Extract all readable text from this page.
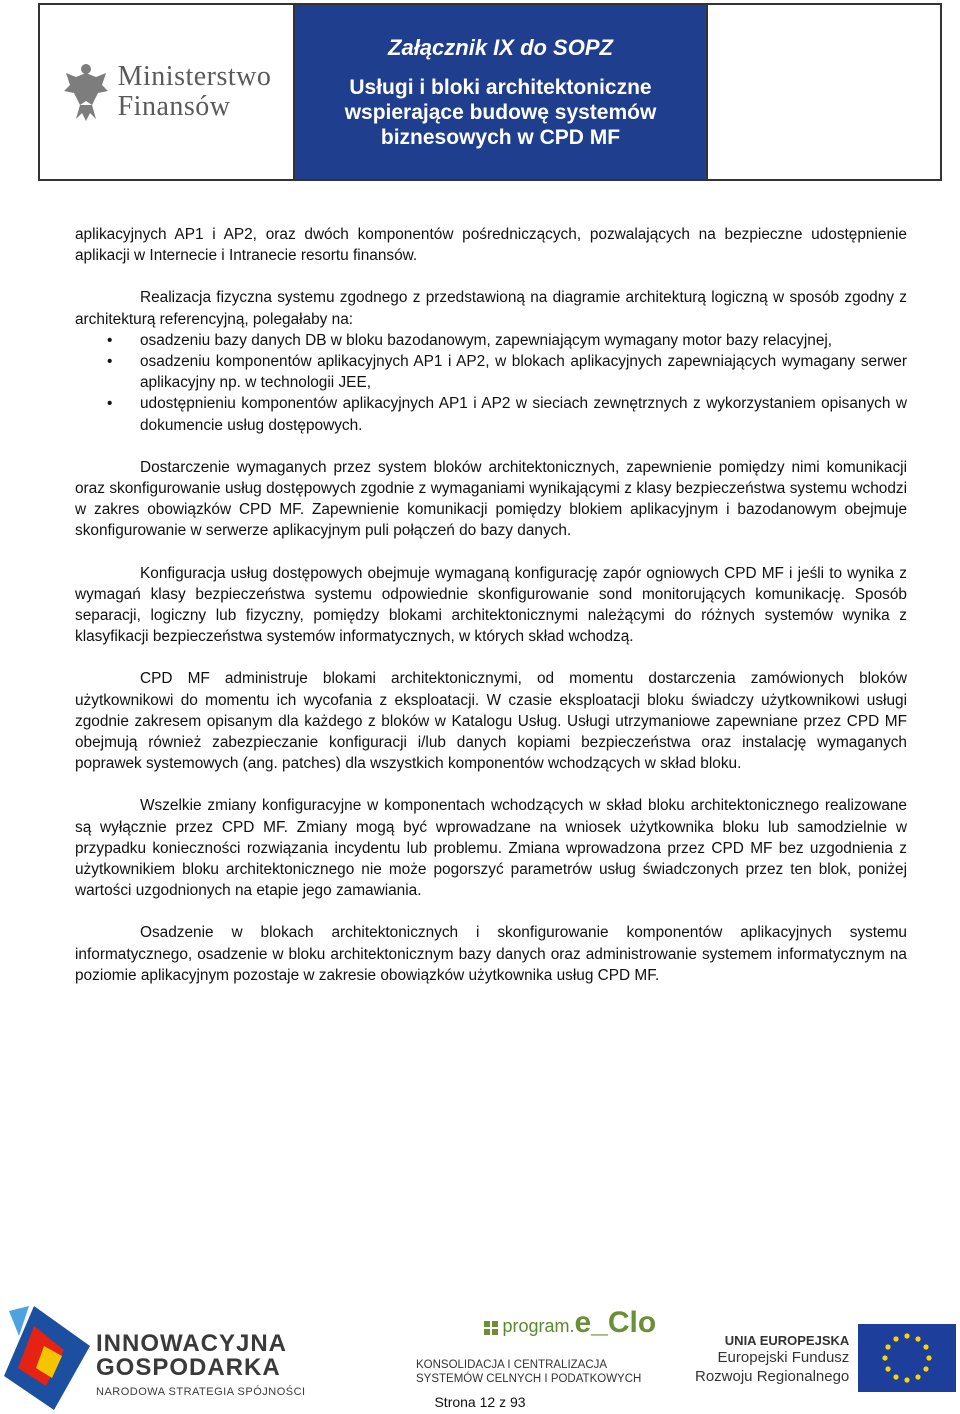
Ministerstwo
Finansów
Załącznik IX do SOPZ
Usługi i bloki architektoniczne
wspierające budowę systemów
biznesowych w CPD MF

aplikacyjnych AP1 i AP2, oraz dwóch komponentów pośredniczących, pozwalających na bezpieczne udostępnienie aplikacji w Internecie i Intranecie resortu finansów.

Realizacja fizyczna systemu zgodnego z przedstawioną na diagramie architekturą logiczną w sposób zgodny z architekturą referencyjną, polegałaby na:

• osadzeniu bazy danych DB w bloku bazodanowym, zapewniającym wymagany motor bazy relacyjnej,
• osadzeniu komponentów aplikacyjnych AP1 i AP2, w blokach aplikacyjnych zapewniających wymagany serwer aplikacyjny np. w technologii JEE,
• udostępnieniu komponentów aplikacyjnych AP1 i AP2 w sieciach zewnętrznych z wykorzystaniem opisanych w dokumencie usług dostępowych.

Dostarczenie wymaganych przez system bloków architektonicznych, zapewnienie pomiędzy nimi komunikacji oraz skonfigurowanie usług dostępowych zgodnie z wymaganiami wynikającymi z klasy bezpieczeństwa systemu wchodzi w zakres obowiązków CPD MF. Zapewnienie komunikacji pomiędzy blokiem aplikacyjnym i bazodanowym obejmuje skonfigurowanie w serwerze aplikacyjnym puli połączeń do bazy danych.

Konfiguracja usług dostępowych obejmuje wymaganą konfigurację zapór ogniowych CPD MF i jeśli to wynika z wymagań klasy bezpieczeństwa systemu odpowiednie skonfigurowanie sond monitorujących komunikację. Sposób separacji, logiczny lub fizyczny, pomiędzy blokami architektonicznymi należącymi do różnych systemów wynika z klasyfikacji bezpieczeństwa systemów informatycznych, w których skład wchodzą.

CPD MF administruje blokami architektonicznymi, od momentu dostarczenia zamówionych bloków użytkownikowi do momentu ich wycofania z eksploatacji. W czasie eksploatacji bloku świadczy użytkownikowi usługi zgodnie zakresem opisanym dla każdego z bloków w Katalogu Usług. Usługi utrzymaniowe zapewniane przez CPD MF obejmują również zabezpieczanie konfiguracji i/lub danych kopiami bezpieczeństwa oraz instalację wymaganych poprawek systemowych (ang. patches) dla wszystkich komponentów wchodzących w skład bloku.

Wszelkie zmiany konfiguracyjne w komponentach wchodzących w skład bloku architektonicznego realizowane są wyłącznie przez CPD MF. Zmiany mogą być wprowadzane na wniosek użytkownika bloku lub samodzielnie w przypadku konieczności rozwiązania incydentu lub problemu. Zmiana wprowadzona przez CPD MF bez uzgodnienia z użytkownikiem bloku architektonicznego nie może pogorszyć parametrów usług świadczonych przez ten blok, poniżej wartości uzgodnionych na etapie jego zamawiania.

Osadzenie w blokach architektonicznych i skonfigurowanie komponentów aplikacyjnych systemu informatycznego, osadzenie w bloku architektonicznym bazy danych oraz administrowanie systemem informatycznym na poziomie aplikacyjnym pozostaje w zakresie obowiązków użytkownika usług CPD MF.

INNOWACYJNA
GOSPODARKA
NARODOWA STRATEGIA SPÓJNOŚCI
program.e_Clo
KONSOLIDACJA I CENTRALIZACJA
SYSTEMÓW CELNYCH I PODATKOWYCH
UNIA EUROPEJSKA
Europejski Fundusz
Rozwoju Regionalnego
Strona 12 z 93
